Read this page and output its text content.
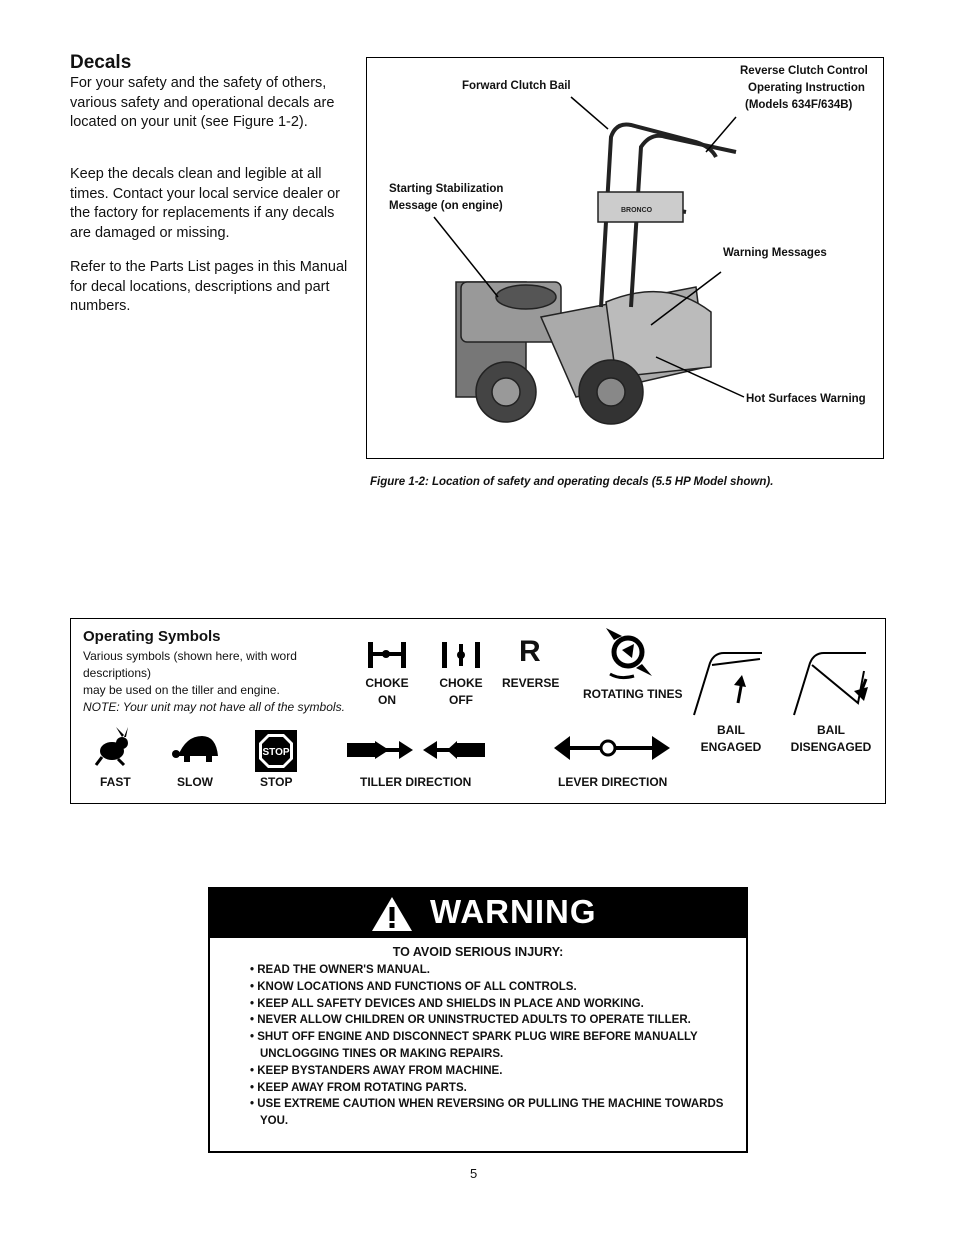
Decals

For your safety and the safety of others, various safety and operational decals are located on your unit (see Figure 1-2).

Keep the decals clean and legible at all times. Contact your local service dealer or the factory for replacements if any decals are damaged or missing.

Refer to the Parts List pages in this Manual for decal locations, descriptions and part numbers.

BRONCO
Forward Clutch Bail
Reverse Clutch Control
Operating Instruction
(Models 634F/634B)
Starting Stabilization
Message (on engine)
Warning Messages
Hot Surfaces Warning
Figure 1-2: Location of safety and operating decals (5.5 HP Model shown).
Operating Symbols
Various symbols (shown here, with word descriptions)
may be used on the tiller and engine.
NOTE: Your unit may not have all of the symbols.
R
STOP
CHOKE
ON
CHOKE
OFF
REVERSE
ROTATING TINES
BAIL
ENGAGED
BAIL
DISENGAGED
FAST	SLOW	STOP	TILLER DIRECTION	LEVER DIRECTION
WARNING
TO AVOID SERIOUS INJURY:
• READ THE OWNER'S MANUAL.
• KNOW LOCATIONS AND FUNCTIONS OF ALL CONTROLS.
• KEEP ALL SAFETY DEVICES AND SHIELDS IN PLACE AND WORKING.
• NEVER ALLOW CHILDREN OR UNINSTRUCTED ADULTS TO OPERATE TILLER.
• SHUT OFF ENGINE AND DISCONNECT SPARK PLUG WIRE BEFORE MANUALLY UNCLOGGING TINES OR MAKING REPAIRS.
• KEEP BYSTANDERS AWAY FROM MACHINE.
• KEEP AWAY FROM ROTATING PARTS.
• USE EXTREME CAUTION WHEN REVERSING OR PULLING THE MACHINE TOWARDS YOU.
5
